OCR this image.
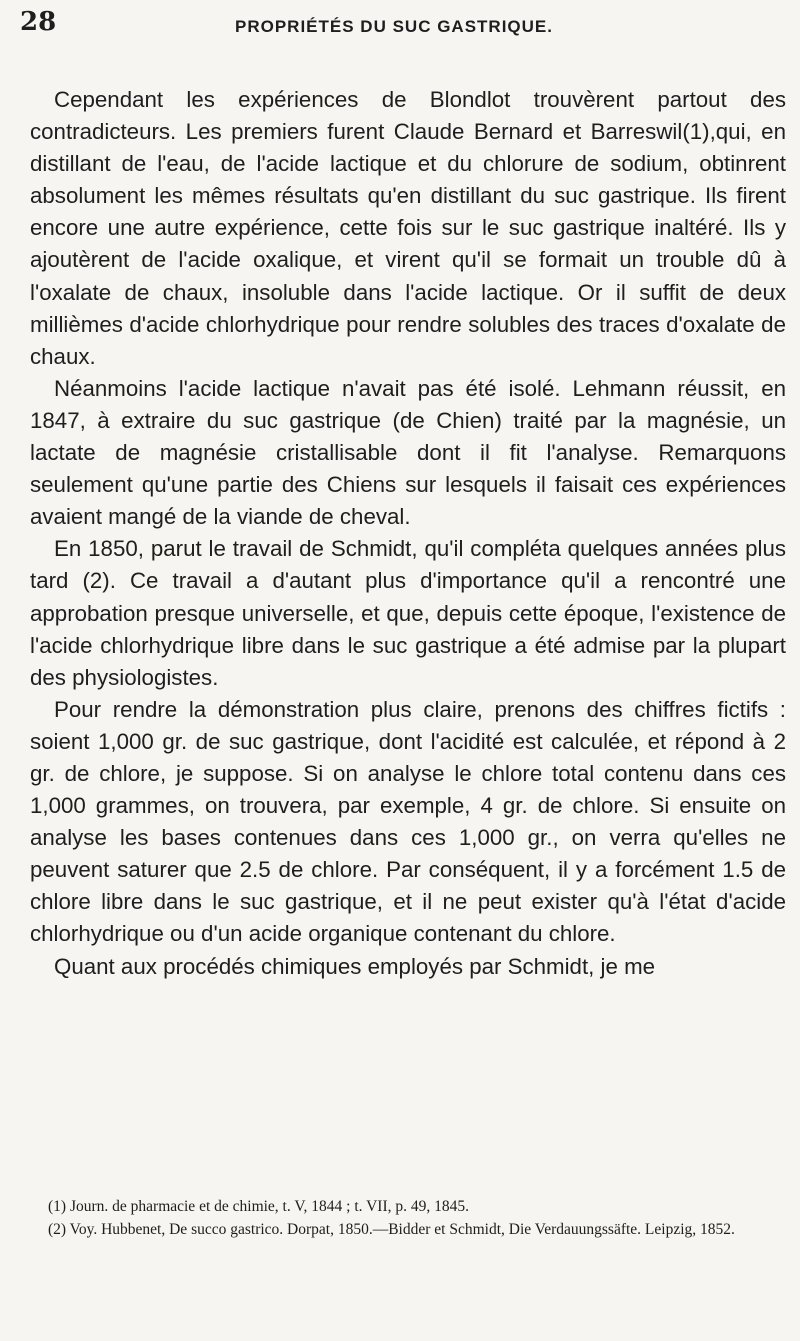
28	PROPRIÉTÉS DU SUC GASTRIQUE.

Cependant les expériences de Blondlot trouvèrent partout des contradicteurs. Les premiers furent Claude Bernard et Barreswil(1),qui, en distillant de l'eau, de l'acide lactique et du chlorure de sodium, obtinrent absolument les mêmes résultats qu'en distillant du suc gastrique. Ils firent encore une autre expérience, cette fois sur le suc gastrique inaltéré. Ils y ajoutèrent de l'acide oxalique, et virent qu'il se formait un trouble dû à l'oxalate de chaux, insoluble dans l'acide lactique. Or il suffit de deux millièmes d'acide chlorhydrique pour rendre solubles des traces d'oxalate de chaux.

Néanmoins l'acide lactique n'avait pas été isolé. Lehmann réussit, en 1847, à extraire du suc gastrique (de Chien) traité par la magnésie, un lactate de magnésie cristallisable dont il fit l'analyse. Remarquons seulement qu'une partie des Chiens sur lesquels il faisait ces expériences avaient mangé de la viande de cheval.

En 1850, parut le travail de Schmidt, qu'il compléta quelques années plus tard (2). Ce travail a d'autant plus d'importance qu'il a rencontré une approbation presque universelle, et que, depuis cette époque, l'existence de l'acide chlorhydrique libre dans le suc gastrique a été admise par la plupart des physiologistes.

Pour rendre la démonstration plus claire, prenons des chiffres fictifs : soient 1,000 gr. de suc gastrique, dont l'acidité est calculée, et répond à 2 gr. de chlore, je suppose. Si on analyse le chlore total contenu dans ces 1,000 grammes, on trouvera, par exemple, 4 gr. de chlore. Si ensuite on analyse les bases contenues dans ces 1,000 gr., on verra qu'elles ne peuvent saturer que 2.5 de chlore. Par conséquent, il y a forcément 1.5 de chlore libre dans le suc gastrique, et il ne peut exister qu'à l'état d'acide chlorhydrique ou d'un acide organique contenant du chlore.

Quant aux procédés chimiques employés par Schmidt, je me

(1) Journ. de pharmacie et de chimie, t. V, 1844 ; t. VII, p. 49, 1845.

(2) Voy. Hubbenet, De succo gastrico. Dorpat, 1850.—Bidder et Schmidt, Die Verdauungssäfte. Leipzig, 1852.
